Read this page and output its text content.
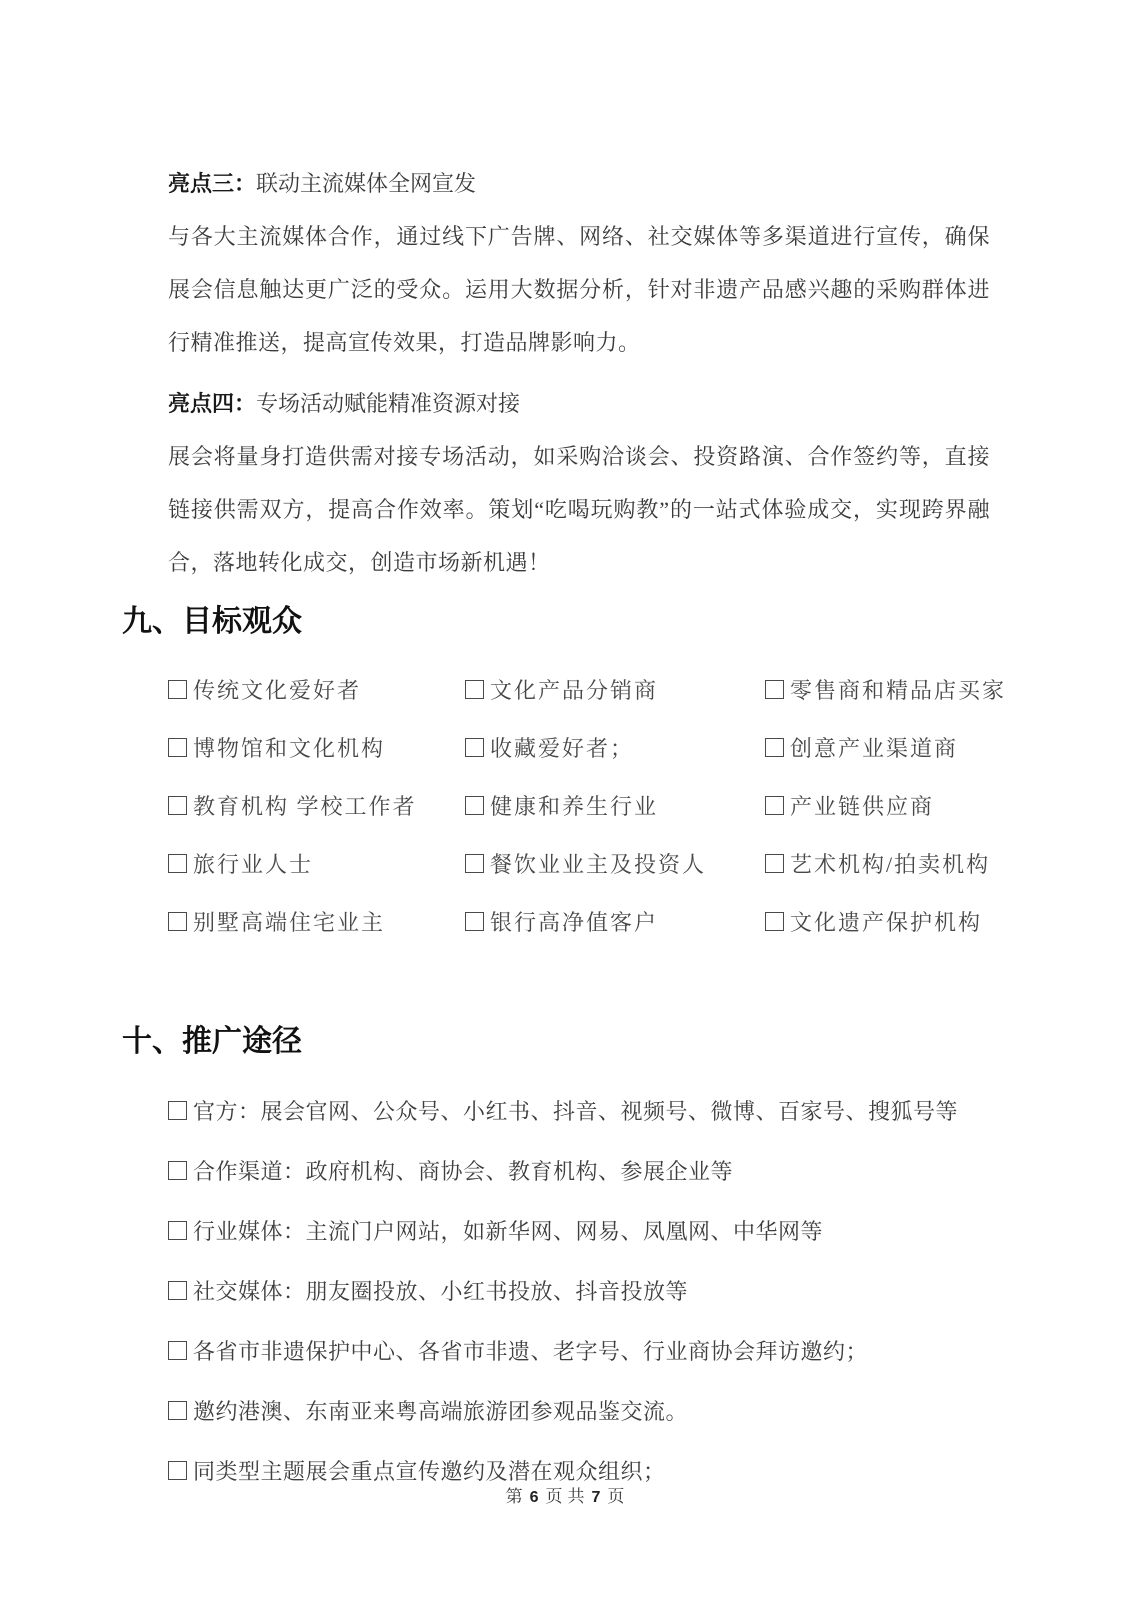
亮点三：联动主流媒体全网宣发
与各大主流媒体合作，通过线下广告牌、网络、社交媒体等多渠道进行宣传，确保展会信息触达更广泛的受众。运用大数据分析，针对非遗产品感兴趣的采购群体进行精准推送，提高宣传效果，打造品牌影响力。
亮点四：专场活动赋能精准资源对接
展会将量身打造供需对接专场活动，如采购洽谈会、投资路演、合作签约等，直接链接供需双方，提高合作效率。策划“吃喝玩购教”的一站式体验成交，实现跨界融合，落地转化成交，创造市场新机遇！
九、目标观众
传统文化爱好者	文化产品分销商	零售商和精品店买家
博物馆和文化机构	收藏爱好者；	创意产业渠道商
教育机构 学校工作者	健康和养生行业	产业链供应商
旅行业人士	餐饮业业主及投资人	艺术机构/拍卖机构
别墅高端住宅业主	银行高净值客户	文化遗产保护机构
十、推广途径
官方：展会官网、公众号、小红书、抖音、视频号、微博、百家号、搜狐号等
合作渠道：政府机构、商协会、教育机构、参展企业等
行业媒体：主流门户网站，如新华网、网易、凤凰网、中华网等
社交媒体：朋友圈投放、小红书投放、抖音投放等
各省市非遗保护中心、各省市非遗、老字号、行业商协会拜访邀约；
邀约港澳、东南亚来粤高端旅游团参观品鉴交流。
同类型主题展会重点宣传邀约及潜在观众组织；
第 6 页 共 7 页
